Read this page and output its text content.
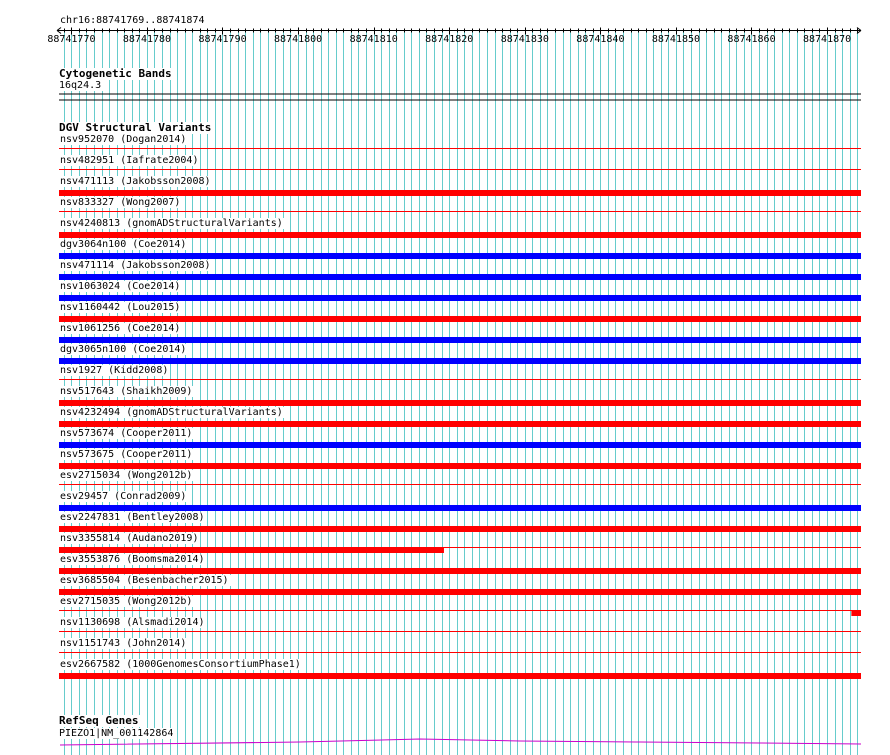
chr16:88741769..88741874
88741770	88741780	88741790	88741800	88741810	88741820	88741830	88741840	88741850	88741860	88741870
Cytogenetic Bands
16q24.3
DGV Structural Variants
nsv952070 (Dogan2014)
nsv482951 (Iafrate2004)
nsv471113 (Jakobsson2008)
nsv833327 (Wong2007)
nsv4240813 (gnomADStructuralVariants)
dgv3064n100 (Coe2014)
nsv471114 (Jakobsson2008)
nsv1063024 (Coe2014)
nsv1160442 (Lou2015)
nsv1061256 (Coe2014)
dgv3065n100 (Coe2014)
nsv1927 (Kidd2008)
nsv517643 (Shaikh2009)
nsv4232494 (gnomADStructuralVariants)
nsv573674 (Cooper2011)
nsv573675 (Cooper2011)
esv2715034 (Wong2012b)
esv29457 (Conrad2009)
esv2247831 (Bentley2008)
nsv3355814 (Audano2019)
esv3553876 (Boomsma2014)
esv3685504 (Besenbacher2015)
esv2715035 (Wong2012b)
nsv1130698 (Alsmadi2014)
nsv1151743 (John2014)
esv2667582 (1000GenomesConsortiumPhase1)
RefSeq Genes
PIEZO1|NM_001142864
